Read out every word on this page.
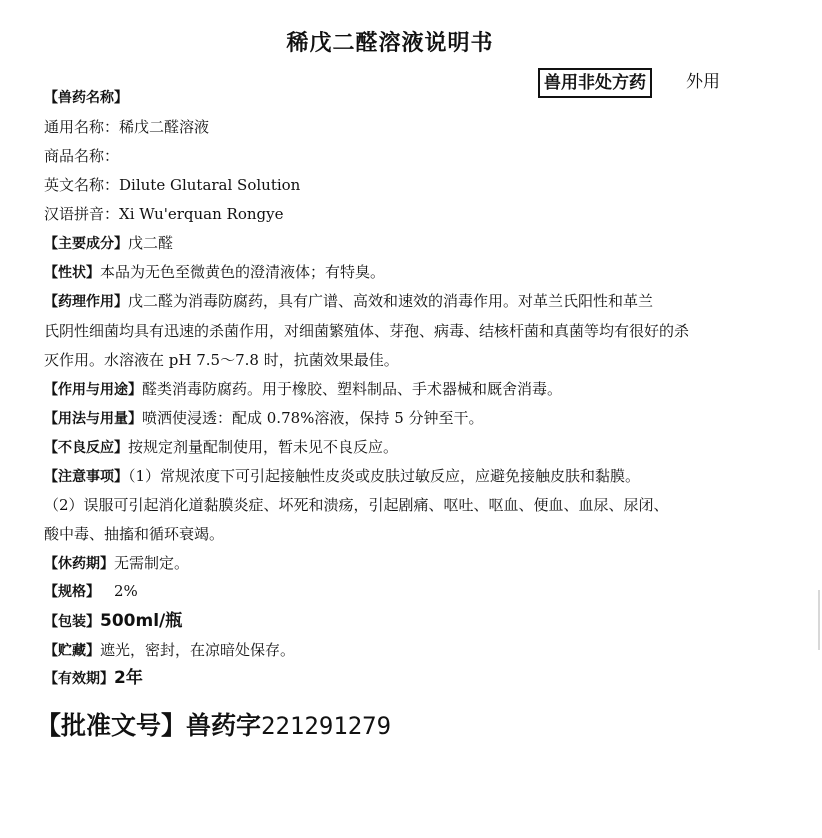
稀戊二醛溶液说明书
兽用非处方药	外用
【兽药名称】
通用名称：稀戊二醛溶液
商品名称：
英文名称：Dilute Glutaral Solution
汉语拼音：Xi Wu'erquan Rongye
【主要成分】戊二醛
【性状】本品为无色至微黄色的澄清液体；有特臭。
【药理作用】戊二醛为消毒防腐药，具有广谱、高效和速效的消毒作用。对革兰氏阳性和革兰
氏阴性细菌均具有迅速的杀菌作用，对细菌繁殖体、芽孢、病毒、结核杆菌和真菌等均有很好的杀
灭作用。水溶液在 pH 7.5～7.8 时，抗菌效果最佳。
【作用与用途】醛类消毒防腐药。用于橡胶、塑料制品、手术器械和厩舍消毒。
【用法与用量】喷洒使浸透：配成 0.78%溶液，保持 5 分钟至干。
【不良反应】按规定剂量配制使用，暂未见不良反应。
【注意事项】（1）常规浓度下可引起接触性皮炎或皮肤过敏反应，应避免接触皮肤和黏膜。
（2）误服可引起消化道黏膜炎症、坏死和溃疡，引起剧痛、呕吐、呕血、便血、血尿、尿闭、
酸中毒、抽搐和循环衰竭。
【休药期】无需制定。
【规格】 2%
【包装】500ml/瓶
【贮藏】遮光，密封，在凉暗处保存。
【有效期】2年
【批准文号】兽药字221291279
